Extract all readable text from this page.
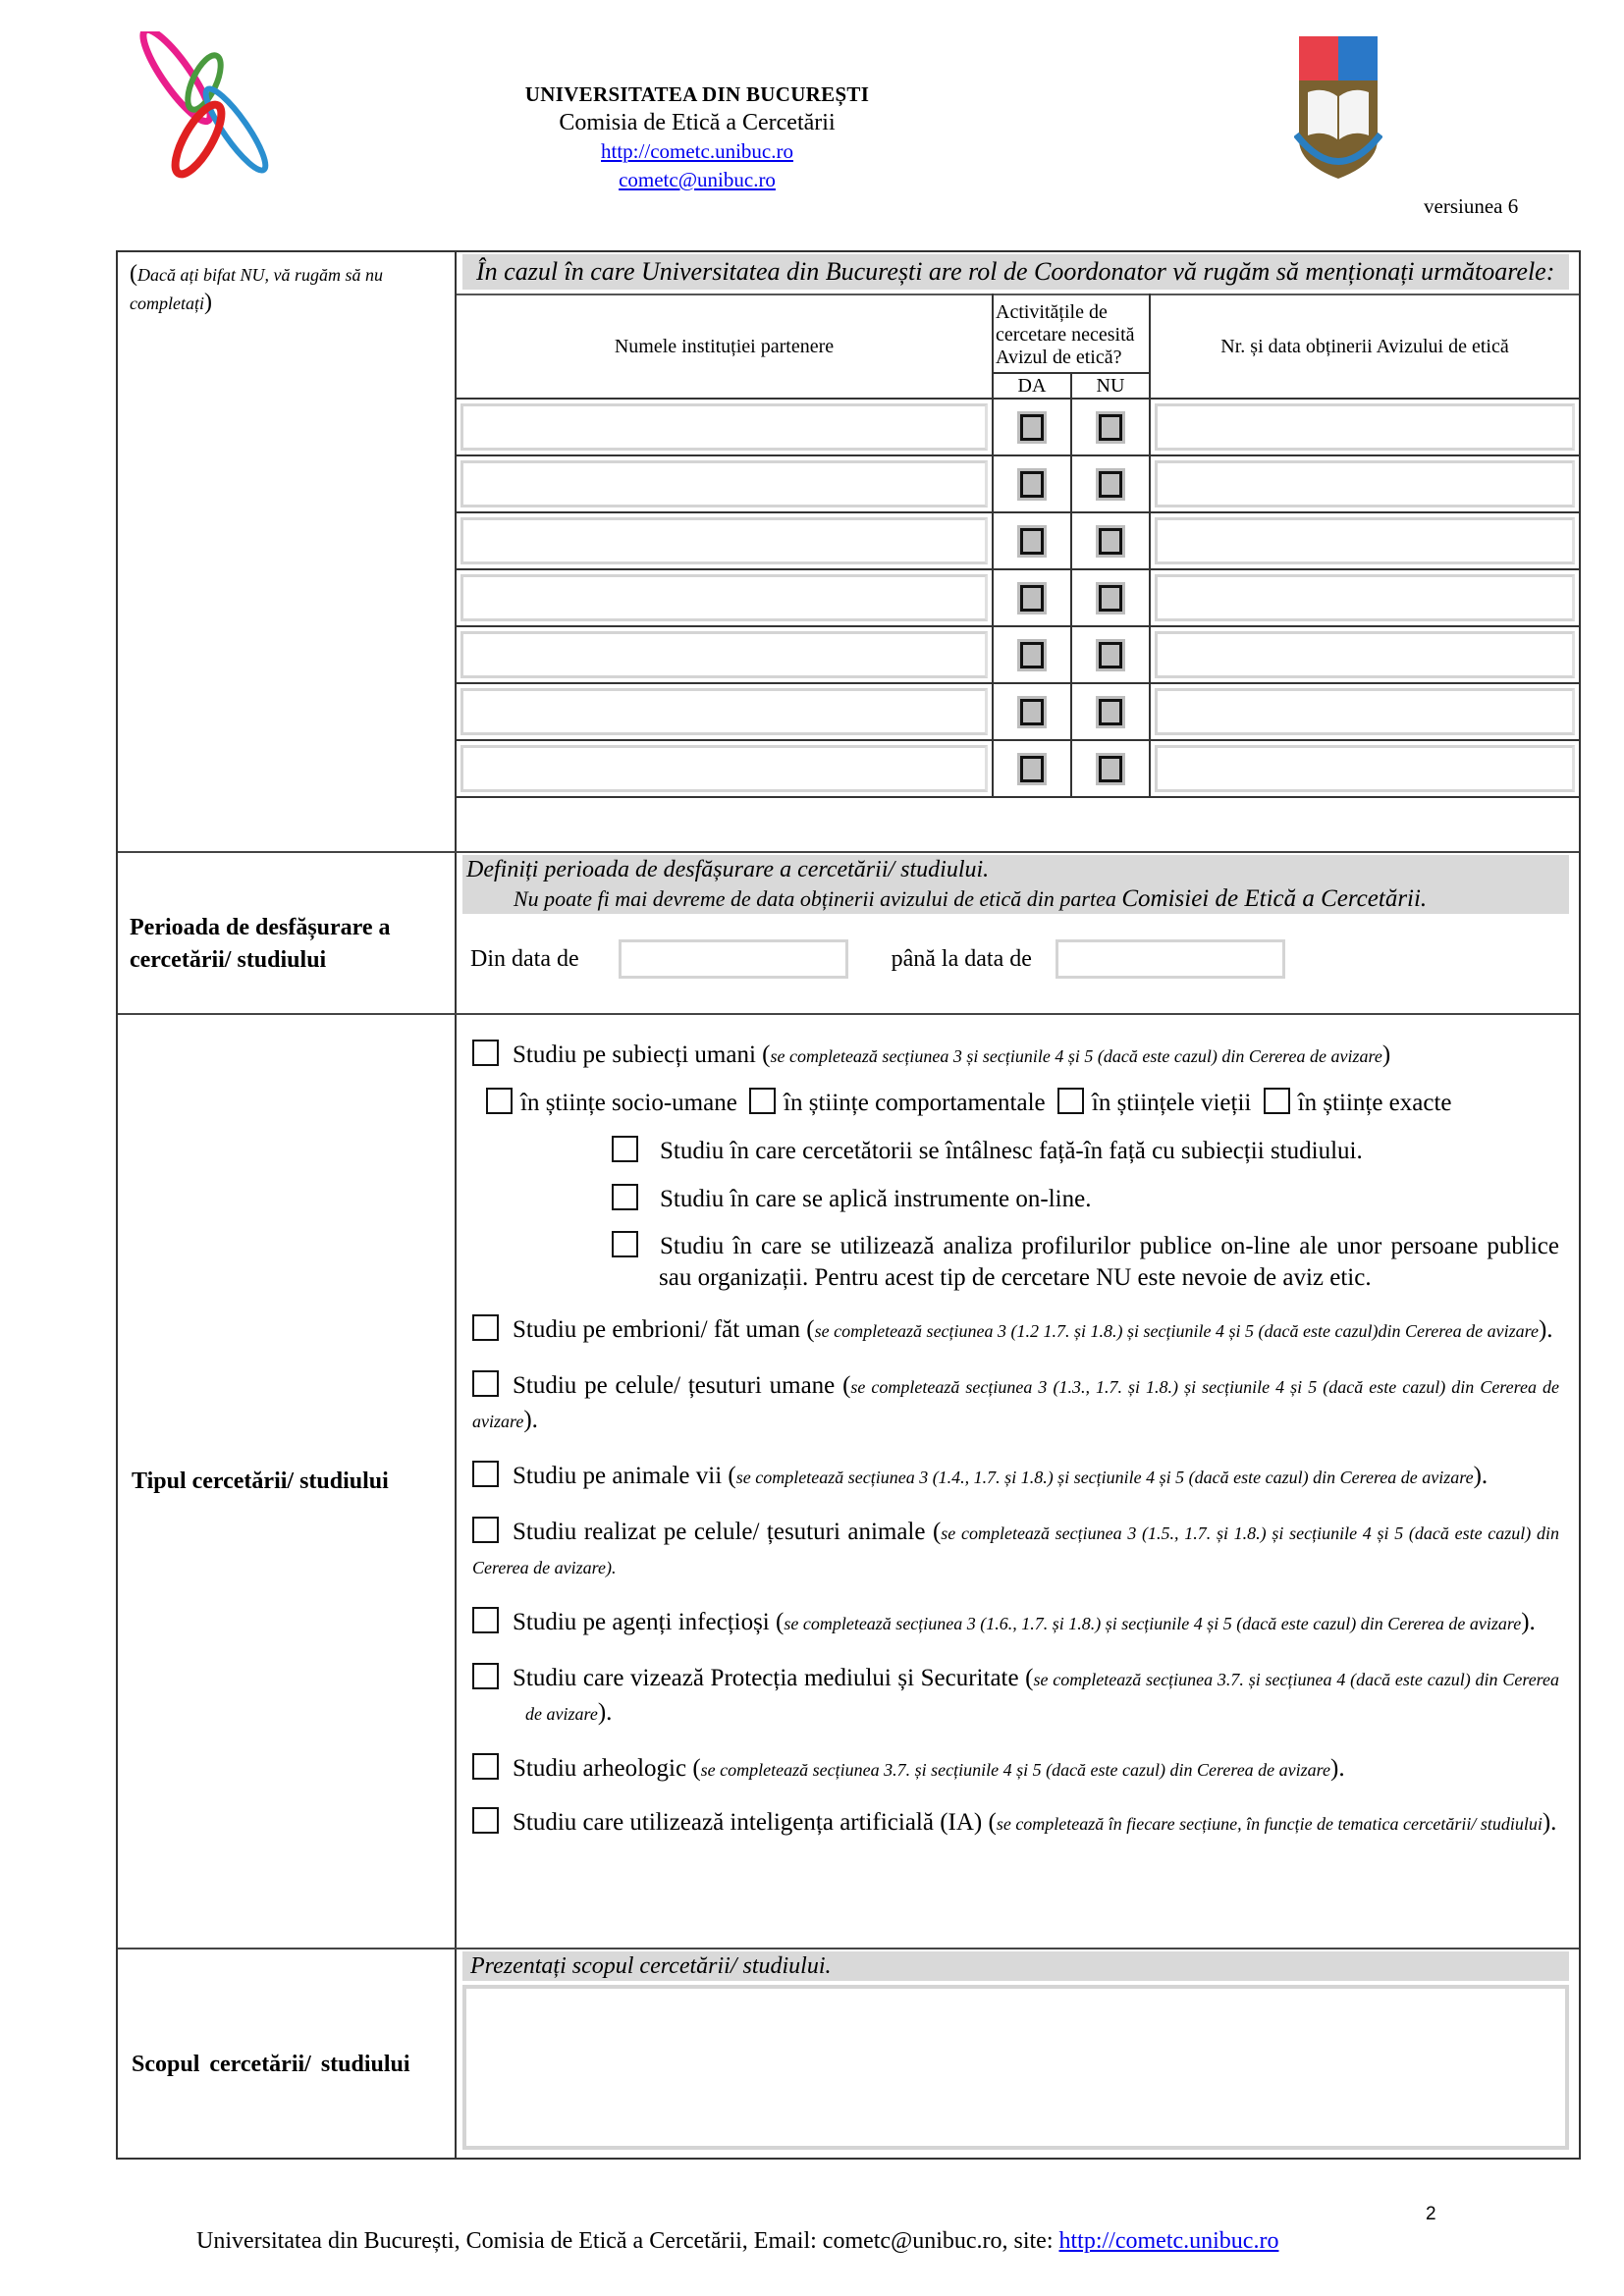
UNIVERSITATEA DIN BUCUREȘTI
Comisia de Etică a Cercetării
http://cometc.unibuc.ro
cometc@unibuc.ro
versiunea 6
(Dacă ați bifat NU, vă rugăm să nu completați)
În cazul în care Universitatea din București are rol de Coordonator vă rugăm să menționați următoarele:
Numele instituției partenere	Activitățile de cercetare necesită Avizul de etică?		Nr. și data obținerii Avizului de etică
	DA	NU	

Perioada de desfășurare a cercetării/ studiului
Definiți perioada de desfășurare a cercetării/ studiului.
Nu poate fi mai devreme de data obținerii avizului de etică din partea Comisiei de Etică a Cercetării.
Din data de	până la data de
Tipul cercetării/ studiului
Studiu pe subiecți umani (se completează secțiunea 3 și secțiunile 4 și 5 (dacă este cazul) din Cererea de avizare)
în științe socio-umane în științe comportamentale în științele vieții în științe exacte
Studiu în care cercetătorii se întâlnesc față-în față cu subiecții studiului.
Studiu în care se aplică instrumente on-line.
Studiu în care se utilizează analiza profilurilor publice on-line ale unor persoane publice sau organizații. Pentru acest tip de cercetare NU este nevoie de aviz etic.
Studiu pe embrioni/ făt uman (se completează secțiunea 3 (1.2 1.7. și 1.8.) și secțiunile 4 și 5 (dacă este cazul)din Cererea de avizare).
Studiu pe celule/ țesuturi umane (se completează secțiunea 3 (1.3., 1.7. și 1.8.) și secțiunile 4 și 5 (dacă este cazul) din Cererea de avizare).
Studiu pe animale vii (se completează secțiunea 3 (1.4., 1.7. și 1.8.) și secțiunile 4 și 5 (dacă este cazul) din Cererea de avizare).
Studiu realizat pe celule/ țesuturi animale (se completează secțiunea 3 (1.5., 1.7. și 1.8.) și secțiunile 4 și 5 (dacă este cazul) din Cererea de avizare).
Studiu pe agenți infecțioși (se completează secțiunea 3 (1.6., 1.7. și 1.8.) și secțiunile 4 și 5 (dacă este cazul) din Cererea de avizare).
Studiu care vizează Protecția mediului și Securitate (se completează secțiunea 3.7. și secțiunea 4 (dacă este cazul) din Cererea de avizare).
Studiu arheologic (se completează secțiunea 3.7. și secțiunile 4 și 5 (dacă este cazul) din Cererea de avizare).
Studiu care utilizează inteligența artificială (IA) (se completează în fiecare secțiune, în funcție de tematica cercetării/ studiului).
Scopul cercetării/ studiului
Prezentați scopul cercetării/ studiului.
2
Universitatea din București, Comisia de Etică a Cercetării, Email: cometc@unibuc.ro, site: http://cometc.unibuc.ro
